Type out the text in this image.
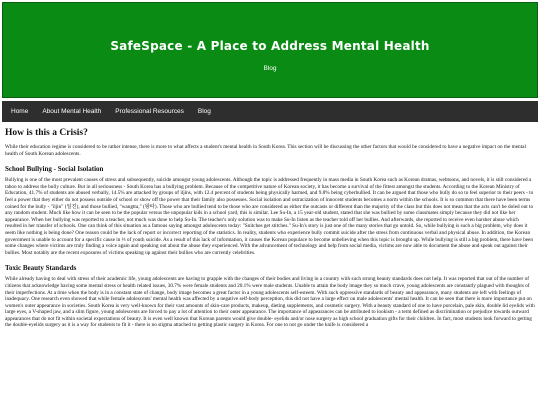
SafeSpace - A Place to Address Mental Health
Blog
Home	About Mental Health	Professional Resources	Blog
How is this a Crisis?

While their education regime is considered to be rather intense, there is more to what affects a student's mental health in South Korea. This section will be discussing the other factors that would be considered to have a negative impact on the mental health of South Korean adolescents.

School Bullying - Social Isolation

Bullying is one of the most prevalent causes of stress and subsequently, suicide amongst young adolescents. Although the topic is addressed frequently in mass media in South Korea such as Korean dramas, webtoons, and novels, it is still considered a taboo to address the bully culture. But in all seriousness - South Korea has a bullying problem. Because of the competitive nature of Korean society, it has become a survival of the fittest amongst the students. According to the Korean Ministry of Education, 41.7% of students are abused verbally, 14.5% are attacked by groups of iljins, with 12.4 percent of students being physically harmed, and 9.8% being cyberbullied. It can be argued that those who bully do so to feel superior to their peers - to feel a power that they either do not possess outside of school or show off the power that their family also possesses. Social isolation and ostracization of innocent students becomes a norm within the schools. It is so common that there have been terms coined for the bully - "iljin" (일진), and those bullied, "wangtta," (왕따). Those who are bullied tend to be those who are considered as either the outcasts or different than the majority of the class but this does not mean that the acts can't be doled out to any random student. Much like how it can be seen to be the popular versus the unpopular kids in a school yard, this is similar. Lee Su-In, a 15 year-old student, stated that she was bullied by some classmates simply because they did not like her appearance. When her bullying was reported to a teacher, not much was done to help Su-In. The teacher's only solution was to make Su-In listen as the teacher told off her bullies. And afterwards, she reported to receive even harsher abuse which resulted in her transfer of schools. One can think of this situation as a famous saying amongst adolescents today: "Snitches get stitches." Su-In's story is just one of the many stories that go untold. So, while bullying is such a big problem, why does it seem like nothing is being done? One reason could be the lack of report or incorrect reporting of the statistics. In reality, students who experience bully commit suicide after the stress from continuous verbal and physical abuse. In addition, the Korean government is unable to account for a specific cause in ⅓ of youth suicide. As a result of this lack of information, it causes the Korean populace to become unbelieving when this topic is brought up. While bullying is still a big problem, there have been some changes where victims are truly finding a voice again and speaking out about the abuse they experienced. With the advancement of technology and help from social media, victims are now able to document the abuse and speak out against their bullies. Most notably are the recent exposures of victims speaking up against their bullies who are currently celebrities.

Toxic Beauty Standards

While already having to deal with stress of their academic life, young adolescents are having to grapple with the changes of their bodies and living in a country with such strong beauty standards does not help. It was reported that out of the number of citizens that acknowledge having some mental stress or health related issues, 30.7% were female students and 20.1% were male students. Unable to attain the body image they so much crave, young adolescents are constantly plagued with thoughts of their imperfections. At a time when the body is in a constant state of change, body image becomes a great factor in a young adolescents self-esteem. With such oppressive standards of beauty and appearance, many students are left with feelings of inadequacy. One research even showed that while female adolescents' mental health was affected by a negative self-body perception, this did not have a large effect on male adolescents' mental health. It can be seen that there is more importance put on women's outer appearance in societies. South Korea is very well-known for their vast amounts of skin-care products, makeup, dieting supplements, and cosmetic surgery. With a beauty standard of one to have porcelain, pale skin, double lid eyelids with large eyes, a V-shaped jaw, and a slim figure, young adolescents are forced to pay a lot of attention to their outer appearance. The importance of appearances can be attributed to lookism - a term defined as discrimination or prejudice towards outward appearances that do not fit within societal expectations of beauty. It is even well known that Korean parents would give double- eyelids and/or nose surgery as high school graduation gifts for their children. In fact, most students look forward to getting the double-eyelids surgery as it is a way for students to fit it - there is no stigma attached to getting plastic surgery in Korea. For one to not go under the knife is considered a
